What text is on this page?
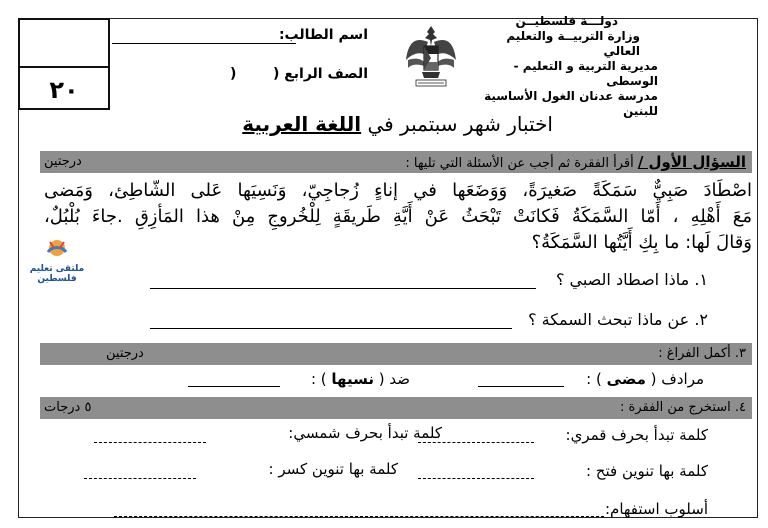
٢٠
دولـــة فلسطيــن
وزارة التربيــة والتعليم العالي
مديرية التربية و التعليم - الوسطى
مدرسة عدنان الغول الأساسية للبنين
اسم الطالب:
الصف الرابع (
)
اختبار شهر سبتمبر في اللغة العربية
السؤال الأول / أقرأ الفقرة ثم أجب عن الأسئلة التي تليها :
درجتين
اصْطَادَ صَبِيٌّ سَمَكَةً صَغيرَةً، وَوَضَعَها في إناءٍ زُجاجِيّ، وَنَسِيَها عَلى الشّاطِئ، وَمَضى
مَعَ أَهْلِهِ ، أَمّا السَّمَكَةُ فَكانَتْ تَبْحَثُ عَنْ أَيَّةِ طَريقَةٍ لِلْخُروجِ مِنْ هذا المَأزِقِ .جاءَ بُلْبُلٌ،
وَقالَ لَها: ما بِكِ أَيَّتُها السَّمَكَةُ؟
ملتقى تعليم فلسطين	١. ماذا اصطاد الصبي ؟
٢. عن ماذا تبحث السمكة ؟
٣. أكمل الفراغ :
درجتين
مرادف ( مضى ) :
ضد ( نسيها ) :
٤. استخرج من الفقرة :
٥ درجات
كلمة تبدأ بحرف قمري:
كلمة تبدأ بحرف شمسي:
كلمة بها تنوين فتح :
كلمة بها تنوين كسر :
أسلوب استفهام:
